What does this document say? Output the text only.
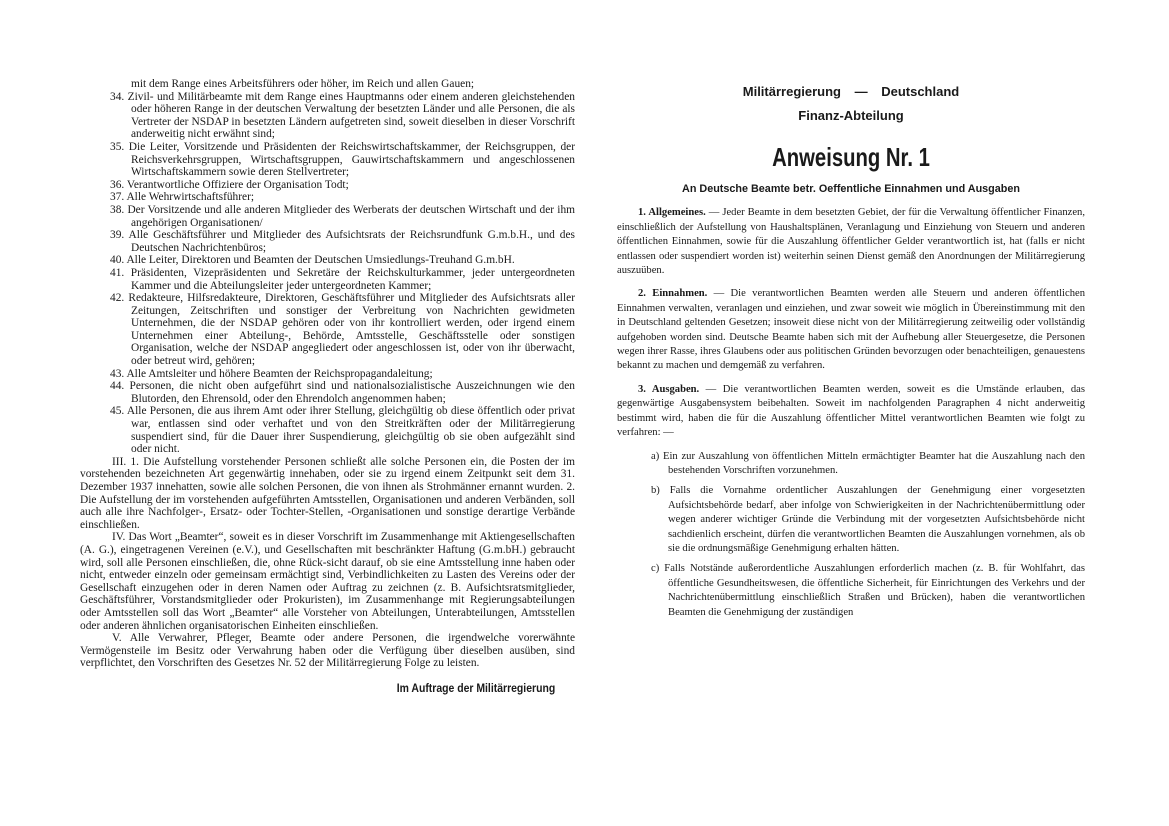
mit dem Range eines Arbeitsführers oder höher, im Reich und allen Gauen;
34. Zivil- und Militärbeamte mit dem Range eines Hauptmanns oder einem anderen gleichstehenden oder höheren Range in der deutschen Verwaltung der besetzten Länder und alle Personen, die als Vertreter der NSDAP in besetzten Ländern aufgetreten sind, soweit dieselben in dieser Vorschrift anderweitig nicht erwähnt sind;
35. Die Leiter, Vorsitzende und Präsidenten der Reichswirtschaftskammer, der Reichsgruppen, der Reichsverkehrsgruppen, Wirtschaftsgruppen, Gauwirtschaftskammern und angeschlossenen Wirtschaftskammern sowie deren Stellvertreter;
36. Verantwortliche Offiziere der Organisation Todt;
37. Alle Wehrwirtschaftsführer;
38. Der Vorsitzende und alle anderen Mitglieder des Werberats der deutschen Wirtschaft und der ihm angehörigen Organisationen/
39. Alle Geschäftsführer und Mitglieder des Aufsichtsrats der Reichsrundfunk G.m.b.H., und des Deutschen Nachrichtenbüros;
40. Alle Leiter, Direktoren und Beamten der Deutschen Umsiedlungs-Treuhand G.m.bH.
41. Präsidenten, Vizepräsidenten und Sekretäre der Reichskulturkammer, jeder untergeordneten Kammer und die Abteilungsleiter jeder untergeordneten Kammer;
42. Redakteure, Hilfsredakteure, Direktoren, Geschäftsführer und Mitglieder des Aufsichtsrats aller Zeitungen, Zeitschriften und sonstiger der Verbreitung von Nachrichten gewidmeten Unternehmen, die der NSDAP gehören oder von ihr kontrolliert werden, oder irgend einem Unternehmen einer Abteilung-, Behörde, Amtsstelle, Geschäftsstelle oder sonstigen Organisation, welche der NSDAP angegliedert oder angeschlossen ist, oder von ihr überwacht, oder betreut wird, gehören;
43. Alle Amtsleiter und höhere Beamten der Reichspropagandaleitung;
44. Personen, die nicht oben aufgeführt sind und nationalsozialistische Auszeichnungen wie den Blutorden, den Ehrensold, oder den Ehrendolch angenommen haben;
45. Alle Personen, die aus ihrem Amt oder ihrer Stellung, gleichgültig ob diese öffentlich oder privat war, entlassen sind oder verhaftet und von den Streitkräften oder der Militärregierung suspendiert sind, für die Dauer ihrer Suspendierung, gleichgültig ob sie oben aufgezählt sind oder nicht.
III. 1. Die Aufstellung vorstehender Personen schließt alle solche Personen ein, die Posten der im vorstehenden bezeichneten Art gegenwärtig innehaben, oder sie zu irgend einem Zeitpunkt seit dem 31. Dezember 1937 innehatten, sowie alle solchen Personen, die von ihnen als Strohmänner ernannt wurden. 2. Die Aufstellung der im vorstehenden aufgeführten Amtsstellen, Organisationen und anderen Verbänden, soll auch alle ihre Nachfolger-, Ersatz- oder Tochter-Stellen, -Organisationen und sonstige derartige Verbände einschließen.
IV. Das Wort „Beamter“, soweit es in dieser Vorschrift im Zusammenhange mit Aktiengesellschaften (A. G.), eingetragenen Vereinen (e.V.), und Gesellschaften mit beschränkter Haftung (G.m.bH.) gebraucht wird, soll alle Personen einschließen, die, ohne Rück-sicht darauf, ob sie eine Amtsstellung inne haben oder nicht, entweder einzeln oder gemeinsam ermächtigt sind, Verbindlichkeiten zu Lasten des Vereins oder der Gesellschaft einzugehen oder in deren Namen oder Auftrag zu zeichnen (z. B. Aufsichtsratsmitglieder, Geschäftsführer, Vorstandsmitglieder oder Prokuristen), im Zusammenhange mit Regierungsabteilungen oder Amtsstellen soll das Wort „Beamter“ alle Vorsteher von Abteilungen, Unterabteilungen, Amtsstellen oder anderen ähnlichen organisatorischen Einheiten einschließen.
V. Alle Verwahrer, Pfleger, Beamte oder andere Personen, die irgendwelche vorerwähnte Vermögensteile im Besitz oder Verwahrung haben oder die Verfügung über dieselben ausüben, sind verpflichtet, den Vorschriften des Gesetzes Nr. 52 der Militärregierung Folge zu leisten.
Im Auftrage der Militärregierung
Militärregierung — Deutschland
Finanz-Abteilung
Anweisung Nr. 1
An Deutsche Beamte betr. Oeffentliche Einnahmen und Ausgaben
1. Allgemeines. — Jeder Beamte in dem besetzten Gebiet, der für die Verwaltung öffentlicher Finanzen, einschließlich der Aufstellung von Haushaltsplänen, Veranlagung und Einziehung von Steuern und anderen öffentlichen Einnahmen, sowie für die Auszahlung öffentlicher Gelder verantwortlich ist, hat (falls er nicht entlassen oder suspendiert worden ist) weiterhin seinen Dienst gemäß den Anordnungen der Militärregierung auszuüben.
2. Einnahmen. — Die verantwortlichen Beamten werden alle Steuern und anderen öffentlichen Einnahmen verwalten, veranlagen und einziehen, und zwar soweit wie möglich in Übereinstimmung mit den in Deutschland geltenden Gesetzen; insoweit diese nicht von der Militärregierung zeitweilig oder vollständig aufgehoben worden sind. Deutsche Beamte haben sich mit der Aufhebung aller Steuergesetze, die Personen wegen ihrer Rasse, ihres Glaubens oder aus politischen Gründen bevorzugen oder benachteiligen, genauestens bekannt zu machen und demgemäß zu verfahren.
3. Ausgaben. — Die verantwortlichen Beamten werden, soweit es die Umstände erlauben, das gegenwärtige Ausgabensystem beibehalten. Soweit im nachfolgenden Paragraphen 4 nicht anderweitig bestimmt wird, haben die für die Auszahlung öffentlicher Mittel verantwortlichen Beamten wie folgt zu verfahren: —
a) Ein zur Auszahlung von öffentlichen Mitteln ermächtigter Beamter hat die Auszahlung nach den bestehenden Vorschriften vorzunehmen.
b) Falls die Vornahme ordentlicher Auszahlungen der Genehmigung einer vorgesetzten Aufsichtsbehörde bedarf, aber infolge von Schwierigkeiten in der Nachrichtenübermittlung oder wegen anderer wichtiger Gründe die Verbindung mit der vorgesetzten Aufsichtsbehörde nicht sachdienlich erscheint, dürfen die verantwortlichen Beamten die Auszahlungen vornehmen, als ob sie die ordnungsmäßige Genehmigung erhalten hätten.
c) Falls Notstände außerordentliche Auszahlungen erforderlich machen (z. B. für Wohlfahrt, das öffentliche Gesundheitswesen, die öffentliche Sicherheit, für Einrichtungen des Verkehrs und der Nachrichtenübermittlung einschließlich Straßen und Brücken), haben die verantwortlichen Beamten die Genehmigung der zuständigen
